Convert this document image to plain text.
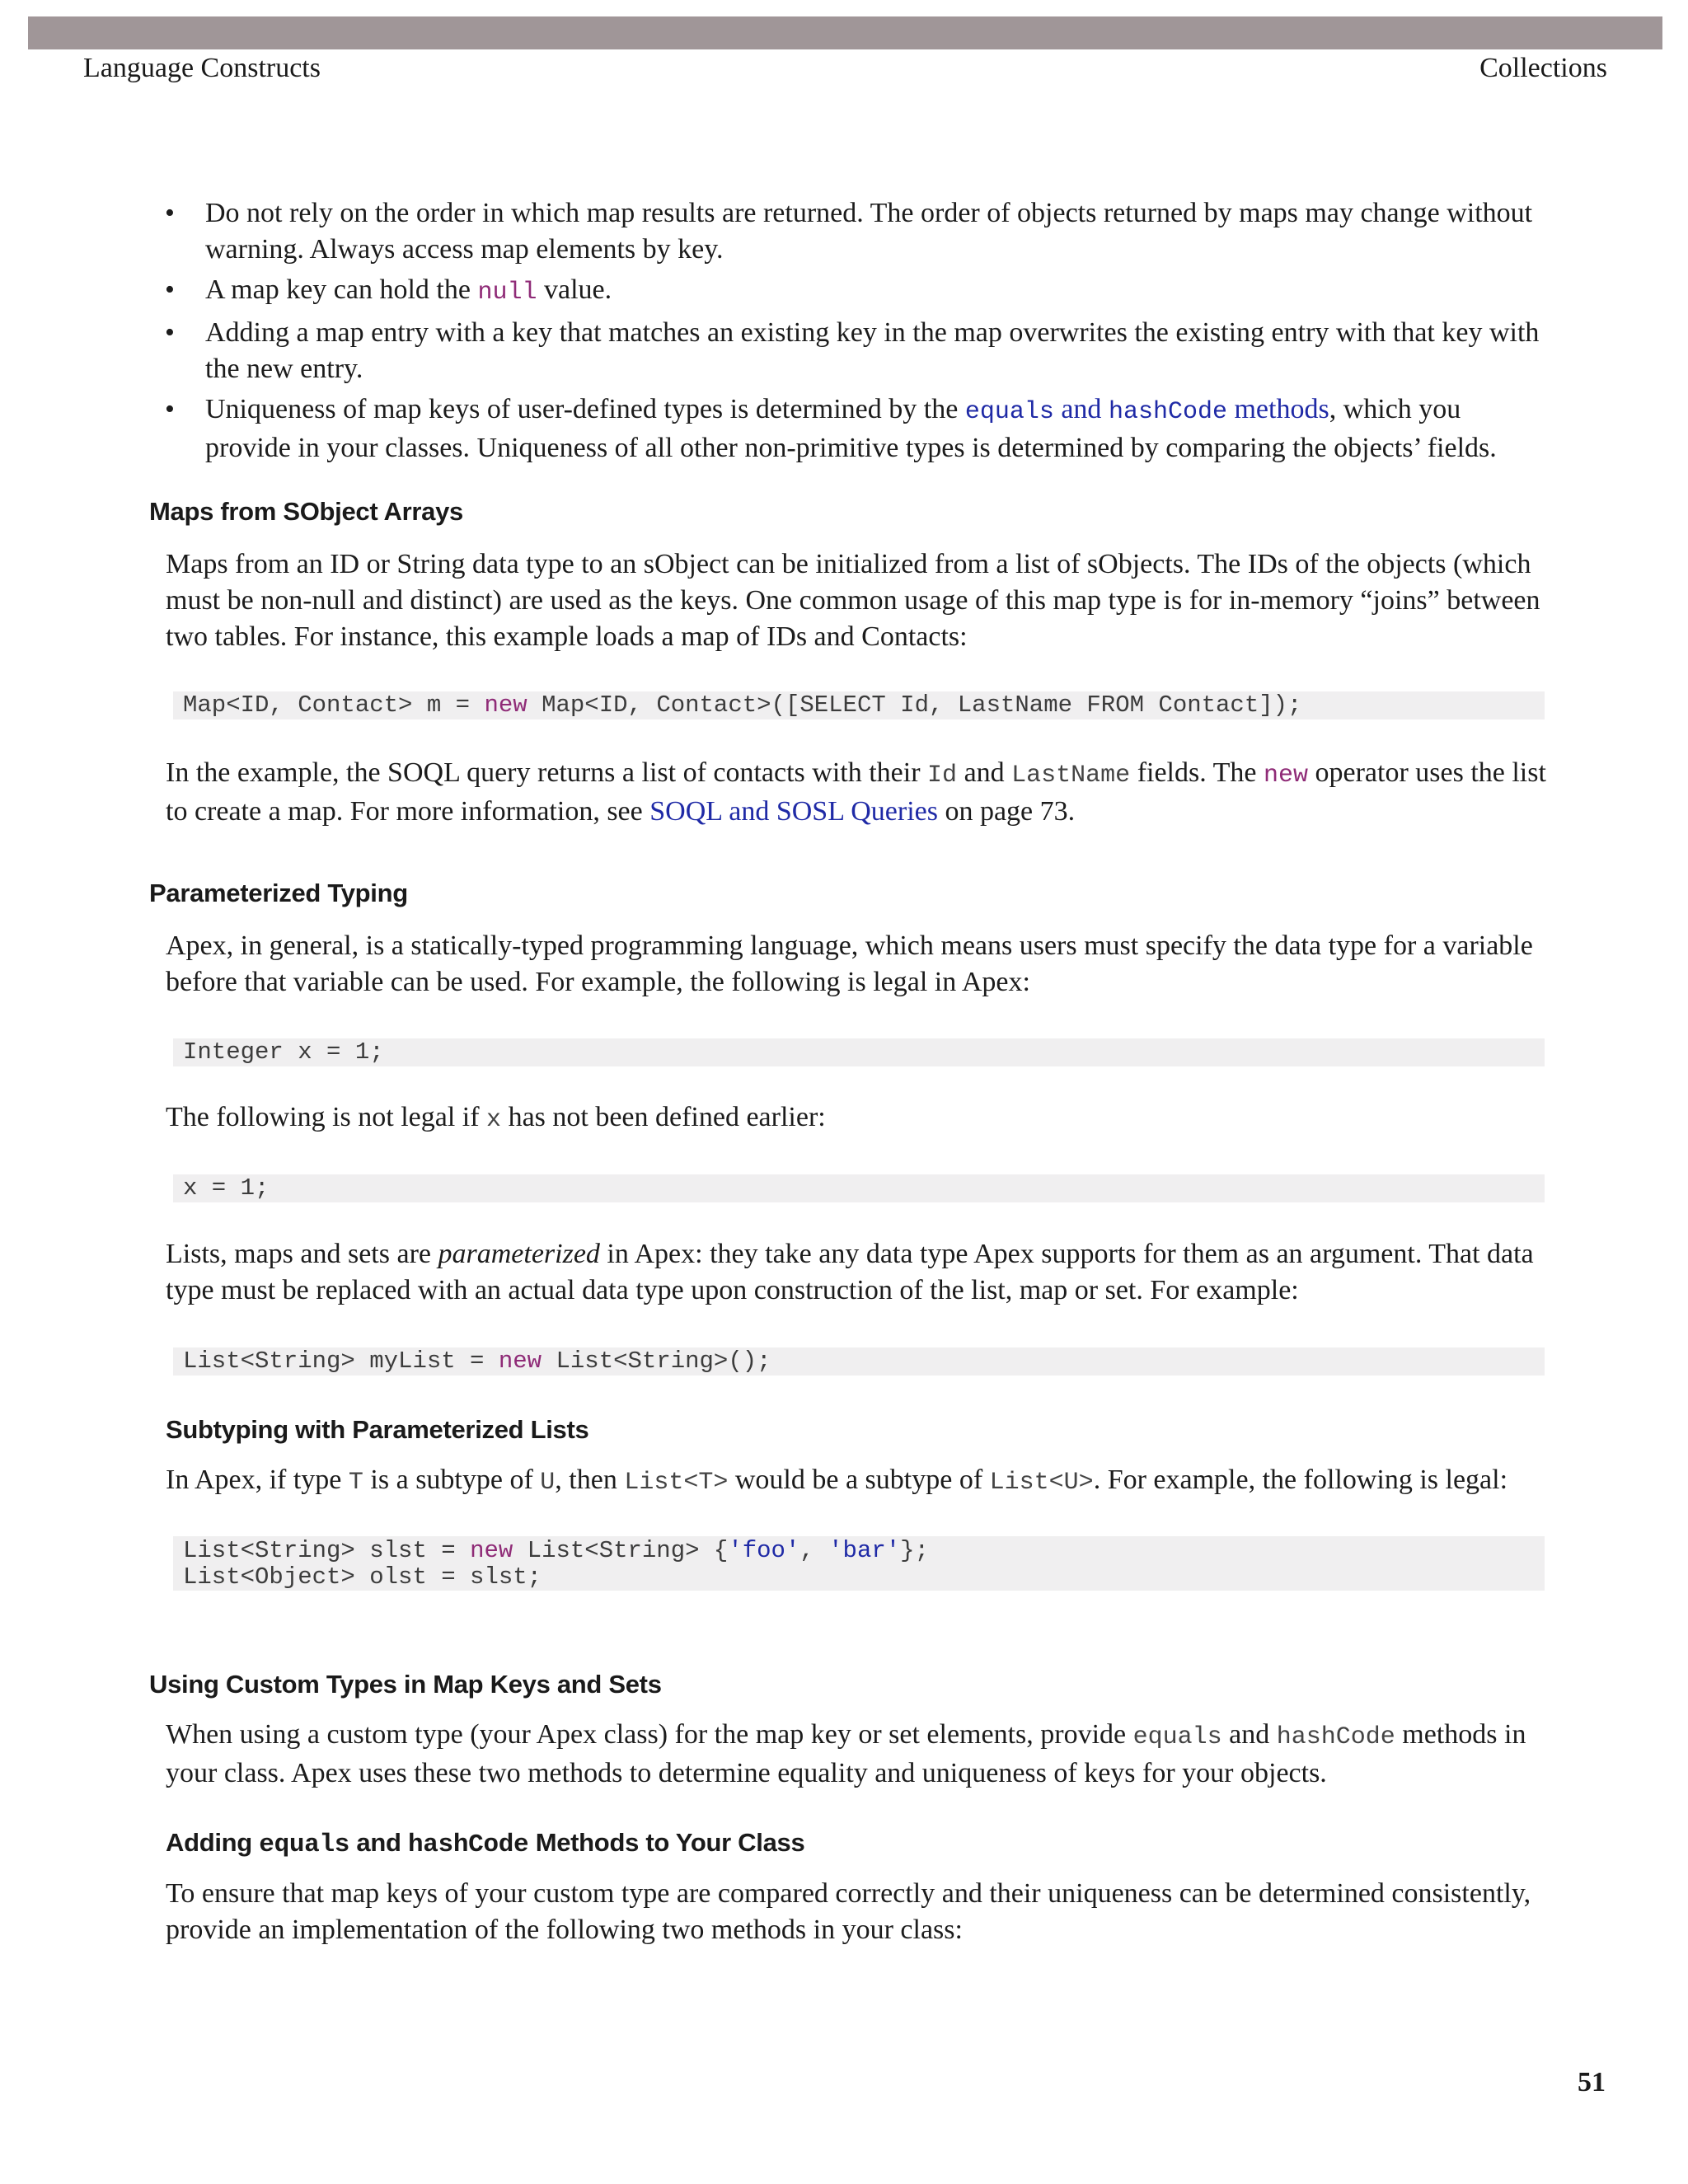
Language Constructs	Collections
• Do not rely on the order in which map results are returned. The order of objects returned by maps may change without warning. Always access map elements by key.
• A map key can hold the null value.
• Adding a map entry with a key that matches an existing key in the map overwrites the existing entry with that key with the new entry.
• Uniqueness of map keys of user-defined types is determined by the equals and hashCode methods, which you provide in your classes. Uniqueness of all other non-primitive types is determined by comparing the objects’ fields.
Maps from SObject Arrays
Maps from an ID or String data type to an sObject can be initialized from a list of sObjects. The IDs of the objects (which must be non-null and distinct) are used as the keys. One common usage of this map type is for in-memory “joins” between two tables. For instance, this example loads a map of IDs and Contacts:
Map<ID, Contact> m = new Map<ID, Contact>([SELECT Id, LastName FROM Contact]);
In the example, the SOQL query returns a list of contacts with their Id and LastName fields. The new operator uses the list to create a map. For more information, see SOQL and SOSL Queries on page 73.
Parameterized Typing
Apex, in general, is a statically-typed programming language, which means users must specify the data type for a variable before that variable can be used. For example, the following is legal in Apex:
Integer x = 1;
The following is not legal if x has not been defined earlier:
x = 1;
Lists, maps and sets are parameterized in Apex: they take any data type Apex supports for them as an argument. That data type must be replaced with an actual data type upon construction of the list, map or set. For example:
List<String> myList = new List<String>();
Subtyping with Parameterized Lists
In Apex, if type T is a subtype of U, then List<T> would be a subtype of List<U>. For example, the following is legal:
List<String> slst = new List<String> {'foo', 'bar'};
List<Object> olst = slst;
Using Custom Types in Map Keys and Sets
When using a custom type (your Apex class) for the map key or set elements, provide equals and hashCode methods in your class. Apex uses these two methods to determine equality and uniqueness of keys for your objects.
Adding equals and hashCode Methods to Your Class
To ensure that map keys of your custom type are compared correctly and their uniqueness can be determined consistently, provide an implementation of the following two methods in your class:
51
